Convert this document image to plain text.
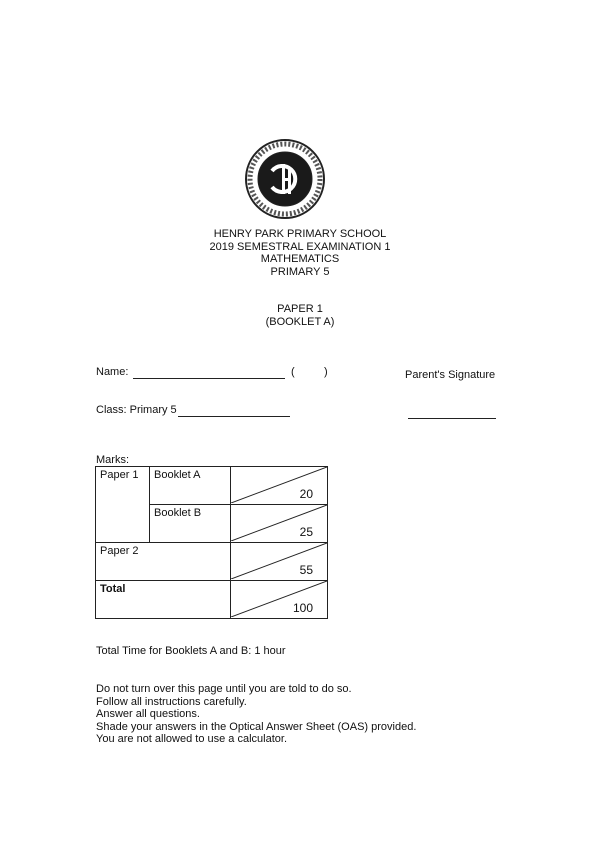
HENRY PARK PRIMARY SCHOOL
2019 SEMESTRAL EXAMINATION 1
MATHEMATICS
PRIMARY 5
PAPER 1
(BOOKLET A)
Name:	(	)	Parent's Signature
Class: Primary 5
Marks:
Paper 1	Booklet A	20

	Booklet B	25

Paper 2		55

Total		100
Total Time for Booklets A and B: 1 hour
Do not turn over this page until you are told to do so.
Follow all instructions carefully.
Answer all questions.
Shade your answers in the Optical Answer Sheet (OAS) provided.
You are not allowed to use a calculator.
